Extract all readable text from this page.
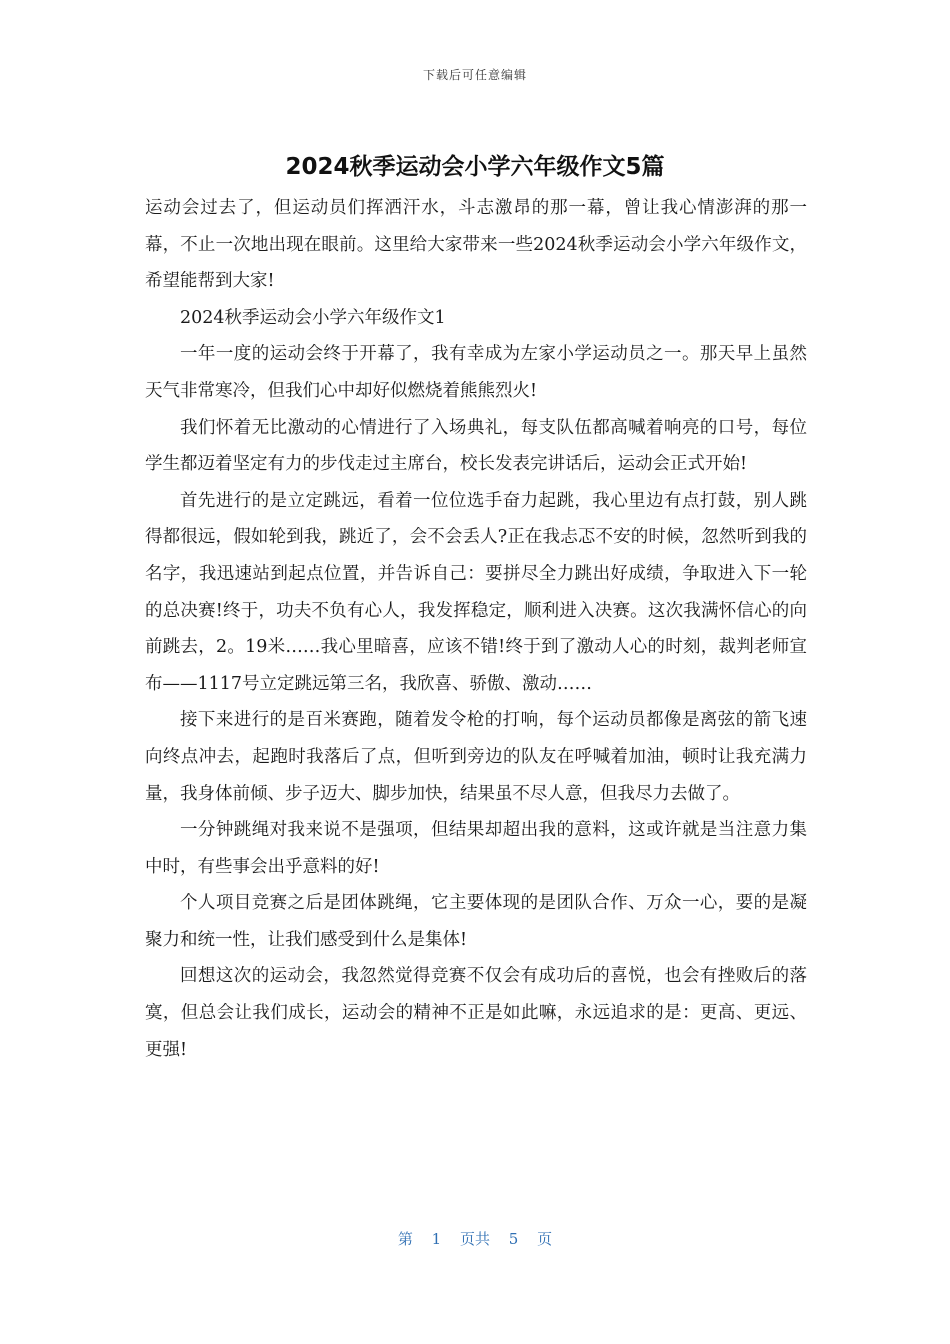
下载后可任意编辑
2024秋季运动会小学六年级作文5篇

运动会过去了，但运动员们挥洒汗水，斗志激昂的那一幕，曾让我心情澎湃的那一幕，不止一次地出现在眼前。这里给大家带来一些2024秋季运动会小学六年级作文，希望能帮到大家!

2024秋季运动会小学六年级作文1

一年一度的运动会终于开幕了，我有幸成为左家小学运动员之一。那天早上虽然天气非常寒冷，但我们心中却好似燃烧着熊熊烈火!

我们怀着无比激动的心情进行了入场典礼，每支队伍都高喊着响亮的口号，每位学生都迈着坚定有力的步伐走过主席台，校长发表完讲话后，运动会正式开始!

首先进行的是立定跳远，看着一位位选手奋力起跳，我心里边有点打鼓，别人跳得都很远，假如轮到我，跳近了，会不会丢人?正在我忐忑不安的时候，忽然听到我的名字，我迅速站到起点位置，并告诉自己：要拼尽全力跳出好成绩，争取进入下一轮的总决赛!终于，功夫不负有心人，我发挥稳定，顺利进入决赛。这次我满怀信心的向前跳去，2。19米……我心里暗喜，应该不错!终于到了激动人心的时刻，裁判老师宣布——1117号立定跳远第三名，我欣喜、骄傲、激动……

接下来进行的是百米赛跑，随着发令枪的打响，每个运动员都像是离弦的箭飞速向终点冲去，起跑时我落后了点，但听到旁边的队友在呼喊着加油，顿时让我充满力量，我身体前倾、步子迈大、脚步加快，结果虽不尽人意，但我尽力去做了。

一分钟跳绳对我来说不是强项，但结果却超出我的意料，这或许就是当注意力集中时，有些事会出乎意料的好!

个人项目竞赛之后是团体跳绳，它主要体现的是团队合作、万众一心，要的是凝聚力和统一性，让我们感受到什么是集体!

回想这次的运动会，我忽然觉得竞赛不仅会有成功后的喜悦，也会有挫败后的落寞，但总会让我们成长，运动会的精神不正是如此嘛，永远追求的是：更高、更远、更强!

第 1 页共 5 页
